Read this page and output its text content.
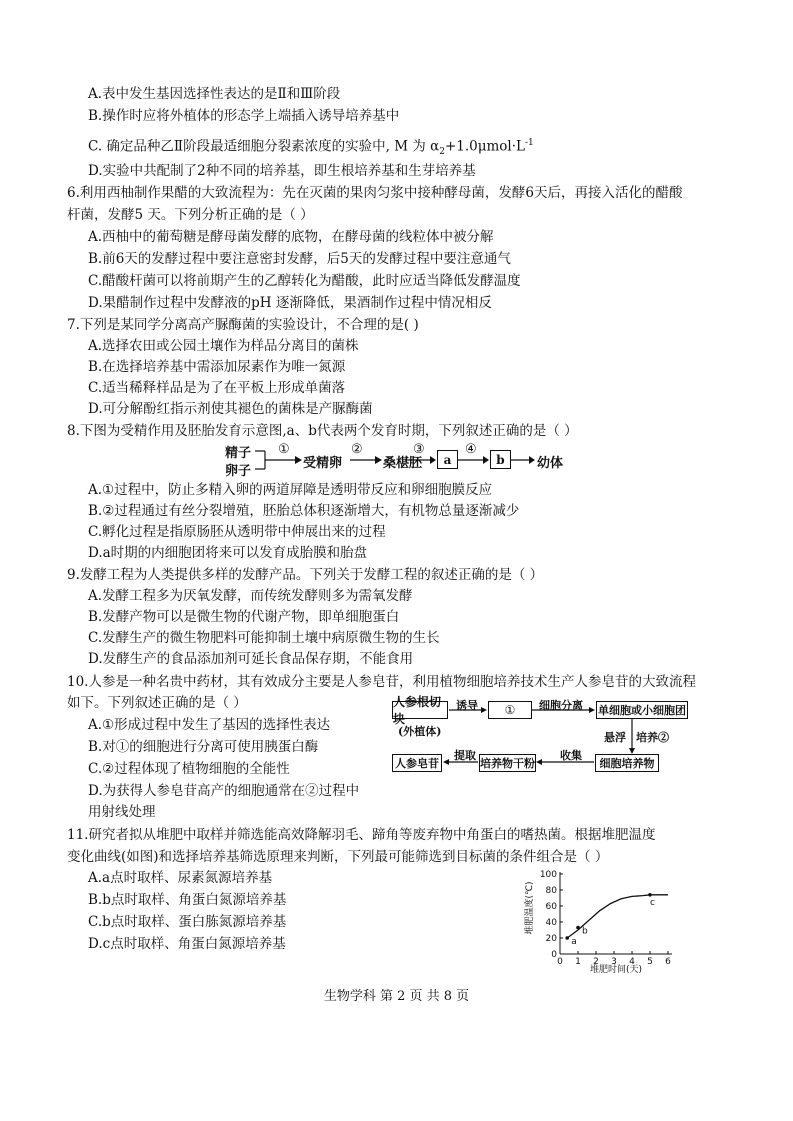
A.表中发生基因选择性表达的是Ⅱ和Ⅲ阶段
B.操作时应将外植体的形态学上端插入诱导培养基中
C. 确定品种乙Ⅱ阶段最适细胞分裂素浓度的实验中, M 为 $\alpha_2+1.0\mu mol\cdot L^{-1}$
D.实验中共配制了2种不同的培养基，即生根培养基和生芽培养基
6.利用西柚制作果醋的大致流程为：先在灭菌的果肉匀浆中接种酵母菌，发酵6天后，再接入活化的醋酸
杆菌，发酵5 天。下列分析正确的是（ ）
A.西柚中的葡萄糖是酵母菌发酵的底物，在酵母菌的线粒体中被分解
B.前6天的发酵过程中要注意密封发酵，后5天的发酵过程中要注意通气
C.醋酸杆菌可以将前期产生的乙醇转化为醋酸，此时应适当降低发酵温度
D.果醋制作过程中发酵液的pH 逐渐降低，果酒制作过程中情况相反
7.下列是某同学分离高产脲酶菌的实验设计，不合理的是( )
A.选择农田或公园土壤作为样品分离目的菌株
B.在选择培养基中需添加尿素作为唯一氮源
C.适当稀释样品是为了在平板上形成单菌落
D.可分解酚红指示剂使其褪色的菌株是产脲酶菌
8.下图为受精作用及胚胎发育示意图,a、b代表两个发育时期，下列叙述正确的是（ ）
精子
卵子
①
受精卵
②
桑椹胚
③
a
④
b 幼体
A.①过程中，防止多精入卵的两道屏障是透明带反应和卵细胞膜反应
B.②过程通过有丝分裂增殖，胚胎总体积逐渐增大，有机物总量逐渐减少
C.孵化过程是指原肠胚从透明带中伸展出来的过程
D.a时期的内细胞团将来可以发育成胎膜和胎盘
9.发酵工程为人类提供多样的发酵产品。下列关于发酵工程的叙述正确的是（ ）
A.发酵工程多为厌氧发酵，而传统发酵则多为需氧发酵
B.发酵产物可以是微生物的代谢产物，即单细胞蛋白
C.发酵生产的微生物肥料可能抑制土壤中病原微生物的生长
D.发酵生产的食品添加剂可延长食品保存期，不能食用
10.人参是一种名贵中药材，其有效成分主要是人参皂苷，利用植物细胞培养技术生产人参皂苷的大致流程
如下。下列叙述正确的是（ ）
A.①形成过程中发生了基因的选择性表达
B.对①的细胞进行分离可使用胰蛋白酶
C.②过程体现了植物细胞的全能性
D.为获得人参皂苷高产的细胞通常在②过程中
用射线处理
人参根切块
(外植体)
诱导 ① 细胞分离 单细胞或小细胞团
悬浮 培养②
细胞培养物
收集
培养物干粉
提取
人参皂苷
11.研究者拟从堆肥中取样并筛选能高效降解羽毛、蹄角等废弃物中角蛋白的嗜热菌。根据堆肥温度
变化曲线(如图)和选择培养基筛选原理来判断，下列最可能筛选到目标菌的条件组合是（ ）
A.a点时取样、尿素氮源培养基
B.b点时取样、角蛋白氮源培养基
C.b点时取样、蛋白胨氮源培养基
D.c点时取样、角蛋白氮源培养基
0
20
40
60
80
100
0 1 2 3 4 5 6
a
b
c
堆肥时间(天)
堆肥温度(℃)
生物学科 第 2 页 共 8 页
